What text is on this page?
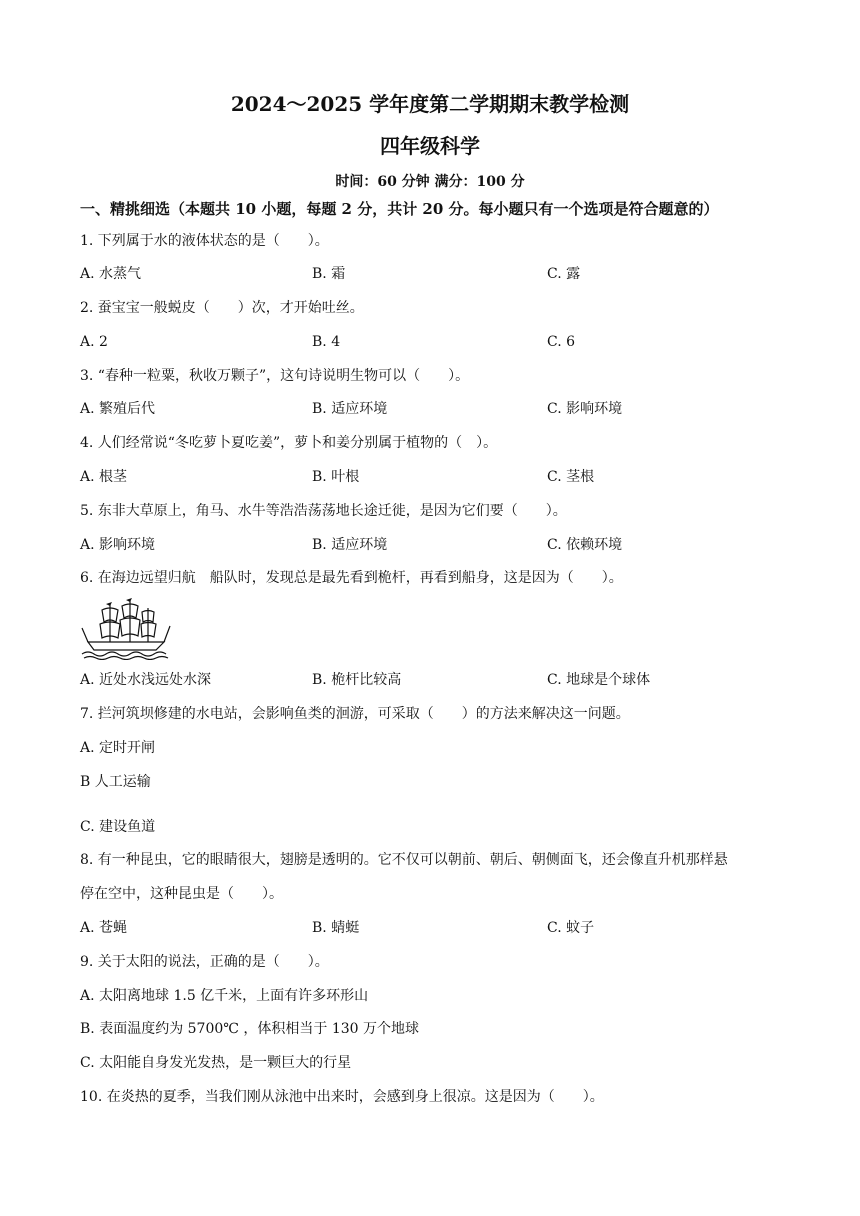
2024～2025 学年度第二学期期末教学检测
四年级科学
时间：60 分钟 满分：100 分
一、精挑细选（本题共 10 小题，每题 2 分，共计 20 分。每小题只有一个选项是符合题意的）
1. 下列属于水的液体状态的是（　　）。
A. 水蒸气	B. 霜	C. 露
2. 蚕宝宝一般蜕皮（　　）次，才开始吐丝。
A. 2	B. 4	C. 6
3. “春种一粒粟，秋收万颗子”，这句诗说明生物可以（　　）。
A. 繁殖后代	B. 适应环境	C. 影响环境
4. 人们经常说“冬吃萝卜夏吃姜”，萝卜和姜分别属于植物的（　）。
A. 根茎	B. 叶根	C. 茎根
5. 东非大草原上，角马、水牛等浩浩荡荡地长途迁徙，是因为它们要（　　）。
A. 影响环境	B. 适应环境	C. 依赖环境
6. 在海边远望归航　船队时，发现总是最先看到桅杆，再看到船身，这是因为（　　）。
A. 近处水浅远处水深	B. 桅杆比较高	C. 地球是个球体
7. 拦河筑坝修建的水电站，会影响鱼类的洄游，可采取（　　）的方法来解决这一问题。
A. 定时开闸
B 人工运输
C. 建设鱼道
8. 有一种昆虫，它的眼睛很大，翅膀是透明的。它不仅可以朝前、朝后、朝侧面飞，还会像直升机那样悬
停在空中，这种昆虫是（　　）。
A. 苍蝇	B. 蜻蜓	C. 蚊子
9. 关于太阳的说法，正确的是（　　）。
A. 太阳离地球 1.5 亿千米，上面有许多环形山
B. 表面温度约为 5700℃ ，体积相当于 130 万个地球
C. 太阳能自身发光发热，是一颗巨大的行星
10. 在炎热的夏季，当我们刚从泳池中出来时，会感到身上很凉。这是因为（　　）。
